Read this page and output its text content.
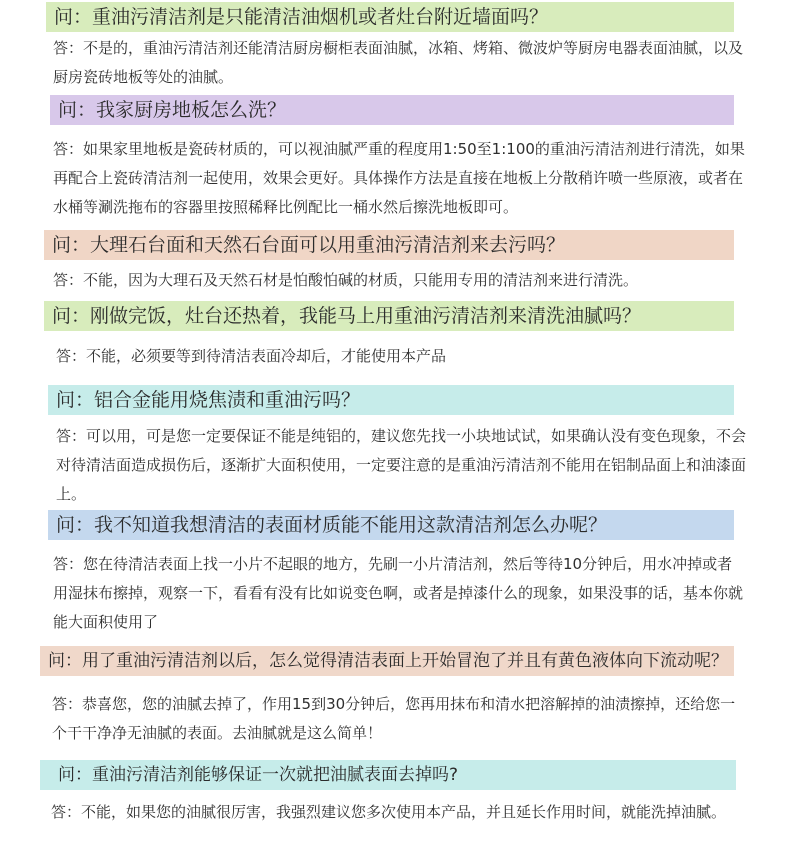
问：重油污清洁剂是只能清洁油烟机或者灶台附近墙面吗？
答：不是的，重油污清洁剂还能清洁厨房橱柜表面油腻，冰箱、烤箱、微波炉等厨房电器表面油腻，以及厨房瓷砖地板等处的油腻。
问：我家厨房地板怎么洗？
答：如果家里地板是瓷砖材质的，可以视油腻严重的程度用1:50至1:100的重油污清洁剂进行清洗，如果再配合上瓷砖清洁剂一起使用，效果会更好。具体操作方法是直接在地板上分散稍许喷一些原液，或者在水桶等涮洗拖布的容器里按照稀释比例配比一桶水然后擦洗地板即可。
问：大理石台面和天然石台面可以用重油污清洁剂来去污吗？
答：不能，因为大理石及天然石材是怕酸怕碱的材质，只能用专用的清洁剂来进行清洗。
问：刚做完饭，灶台还热着，我能马上用重油污清洁剂来清洗油腻吗？
答：不能，必须要等到待清洁表面冷却后，才能使用本产品
问：铝合金能用烧焦渍和重油污吗？
答：可以用，可是您一定要保证不能是纯铝的，建议您先找一小块地试试，如果确认没有变色现象，不会对待清洁面造成损伤后，逐渐扩大面积使用，一定要注意的是重油污清洁剂不能用在铝制品面上和油漆面上。
问：我不知道我想清洁的表面材质能不能用这款清洁剂怎么办呢？
答：您在待清洁表面上找一小片不起眼的地方，先刷一小片清洁剂，然后等待10分钟后，用水冲掉或者用湿抹布擦掉，观察一下，看看有没有比如说变色啊，或者是掉漆什么的现象，如果没事的话，基本你就能大面积使用了
问：用了重油污清洁剂以后，怎么觉得清洁表面上开始冒泡了并且有黄色液体向下流动呢？
答：恭喜您，您的油腻去掉了，作用15到30分钟后，您再用抹布和清水把溶解掉的油渍擦掉，还给您一个干干净净无油腻的表面。去油腻就是这么简单！
问：重油污清洁剂能够保证一次就把油腻表面去掉吗?
答：不能，如果您的油腻很厉害，我强烈建议您多次使用本产品，并且延长作用时间，就能洗掉油腻。
